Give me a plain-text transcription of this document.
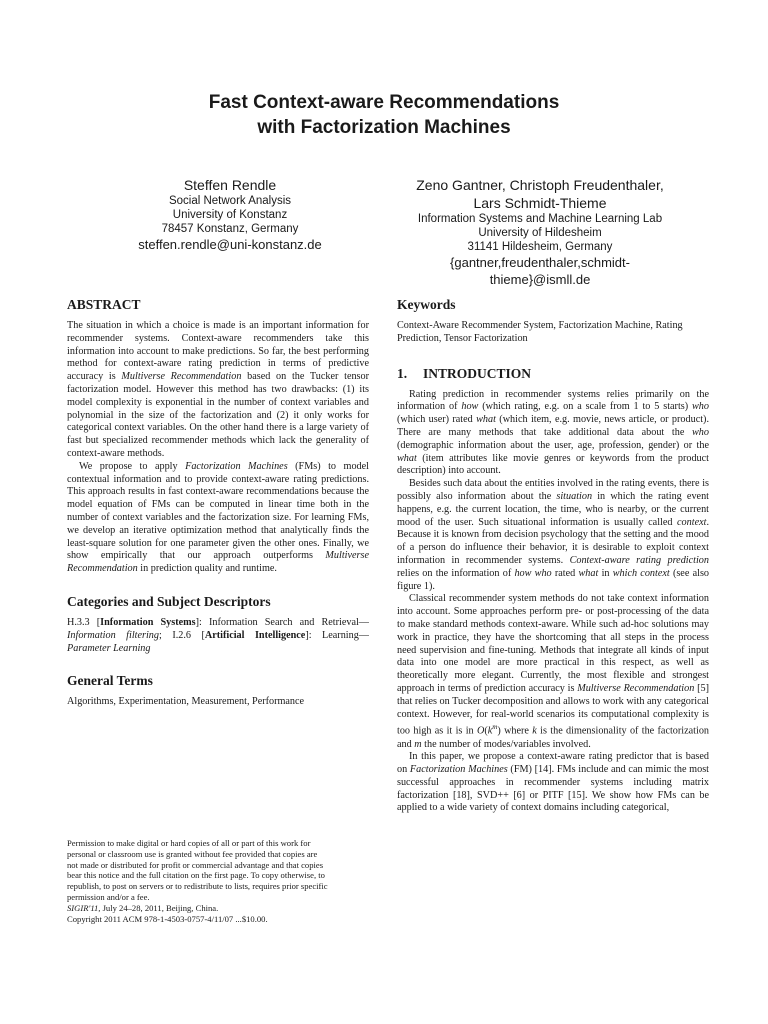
Fast Context-aware Recommendations
with Factorization Machines
Steffen Rendle
Social Network Analysis
University of Konstanz
78457 Konstanz, Germany
steffen.rendle@uni-konstanz.de
Zeno Gantner, Christoph Freudenthaler,
Lars Schmidt-Thieme
Information Systems and Machine Learning Lab
University of Hildesheim
31141 Hildesheim, Germany
{gantner,freudenthaler,schmidt-
thieme}@ismll.de
ABSTRACT

The situation in which a choice is made is an important information for recommender systems. Context-aware recommenders take this information into account to make predictions. So far, the best performing method for context-aware rating prediction in terms of predictive accuracy is Multiverse Recommendation based on the Tucker tensor factorization model. However this method has two drawbacks: (1) its model complexity is exponential in the number of context variables and polynomial in the size of the factorization and (2) it only works for categorical context variables. On the other hand there is a large variety of fast but specialized recommender methods which lack the generality of context-aware methods.

We propose to apply Factorization Machines (FMs) to model contextual information and to provide context-aware rating predictions. This approach results in fast context-aware recommendations because the model equation of FMs can be computed in linear time both in the number of context variables and the factorization size. For learning FMs, we develop an iterative optimization method that analytically finds the least-square solution for one parameter given the other ones. Finally, we show empirically that our approach outperforms Multiverse Recommendation in prediction quality and runtime.

Categories and Subject Descriptors

H.3.3 [Information Systems]: Information Search and Retrieval—Information filtering; I.2.6 [Artificial Intelligence]: Learning—Parameter Learning

General Terms

Algorithms, Experimentation, Measurement, Performance

Permission to make digital or hard copies of all or part of this work for
personal or classroom use is granted without fee provided that copies are
not made or distributed for profit or commercial advantage and that copies
bear this notice and the full citation on the first page. To copy otherwise, to
republish, to post on servers or to redistribute to lists, requires prior specific
permission and/or a fee.
SIGIR'11, July 24–28, 2011, Beijing, China.
Copyright 2011 ACM 978-1-4503-0757-4/11/07 ...$10.00.
Keywords

Context-Aware Recommender System, Factorization Machine, Rating Prediction, Tensor Factorization

1. INTRODUCTION

Rating prediction in recommender systems relies primarily on the information of how (which rating, e.g. on a scale from 1 to 5 starts) who (which user) rated what (which item, e.g. movie, news article, or product). There are many methods that take additional data about the who (demographic information about the user, age, profession, gender) or the what (item attributes like movie genres or keywords from the product description) into account.

Besides such data about the entities involved in the rating events, there is possibly also information about the situation in which the rating event happens, e.g. the current location, the time, who is nearby, or the current mood of the user. Such situational information is usually called context. Because it is known from decision psychology that the setting and the mood of a person do influence their behavior, it is desirable to exploit context information in recommender systems. Context-aware rating prediction relies on the information of how who rated what in which context (see also figure 1).

Classical recommender system methods do not take context information into account. Some approaches perform pre- or post-processing of the data to make standard methods context-aware. While such ad-hoc solutions may work in practice, they have the shortcoming that all steps in the process need supervision and fine-tuning. Methods that integrate all kinds of input data into one model are more practical in this respect, as well as theoretically more elegant. Currently, the most flexible and strongest approach in terms of prediction accuracy is Multiverse Recommendation [5] that relies on Tucker decomposition and allows to work with any categorical context. However, for real-world scenarios its computational complexity is too high as it is in $O(k^m)$ where k is the dimensionality of the factorization and m the number of modes/variables involved.

In this paper, we propose a context-aware rating predictor that is based on Factorization Machines (FM) [14]. FMs include and can mimic the most successful approaches in recommender systems including matrix factorization [18], SVD++ [6] or PITF [15]. We show how FMs can be applied to a wide variety of context domains including categorical,
